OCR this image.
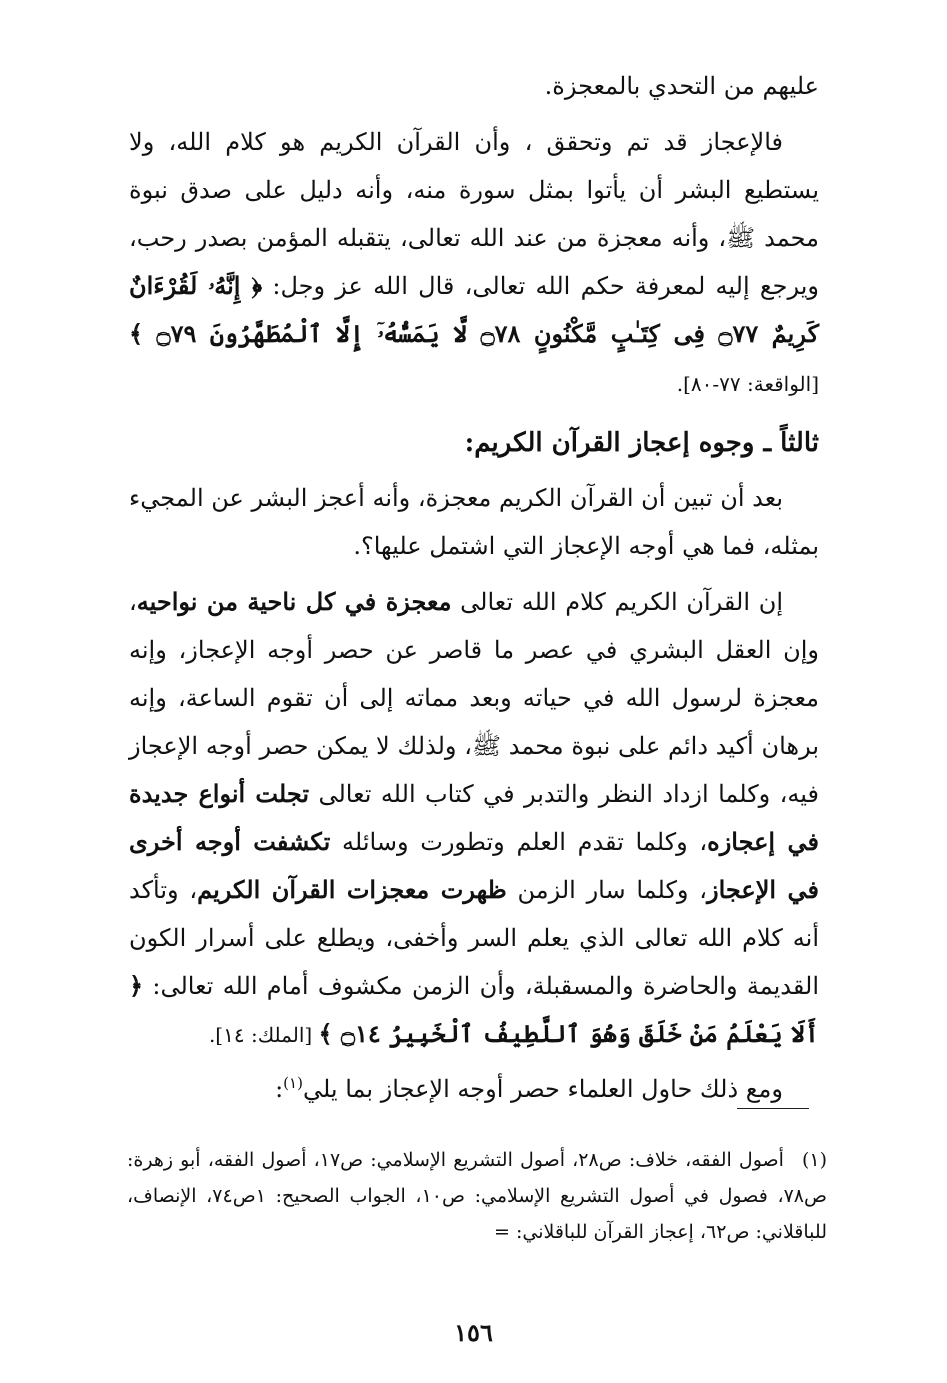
عليهم من التحدي بالمعجزة.

فالإعجاز قد تم وتحقق ، وأن القرآن الكريم هو كلام الله، ولا يستطيع البشر أن يأتوا بمثل سورة منه، وأنه دليل على صدق نبوة محمد ﷺ، وأنه معجزة من عند الله تعالى، يتقبله المؤمن بصدر رحب، ويرجع إليه لمعرفة حكم الله تعالى، قال الله عز وجل: ﴿ إِنَّهُۥ لَقُرْءَانٌ كَرِيمٌ ۝٧٧ فِى كِتَـٰبٍ مَّكْنُونٍ ۝٧٨ لَّا يَمَسُّهُۥٓ إِلَّا ٱلْمُطَهَّرُونَ ۝٧٩ ﴾ [الواقعة: ٧٧-٨٠].

ثالثاً ـ وجوه إعجاز القرآن الكريم:

بعد أن تبين أن القرآن الكريم معجزة، وأنه أعجز البشر عن المجيء بمثله، فما هي أوجه الإعجاز التي اشتمل عليها؟.

إن القرآن الكريم كلام الله تعالى معجزة في كل ناحية من نواحيه، وإن العقل البشري في عصر ما قاصر عن حصر أوجه الإعجاز، وإنه معجزة لرسول الله في حياته وبعد مماته إلى أن تقوم الساعة، وإنه برهان أكيد دائم على نبوة محمد ﷺ، ولذلك لا يمكن حصر أوجه الإعجاز فيه، وكلما ازداد النظر والتدبر في كتاب الله تعالى تجلت أنواع جديدة في إعجازه، وكلما تقدم العلم وتطورت وسائله تكشفت أوجه أخرى في الإعجاز، وكلما سار الزمن ظهرت معجزات القرآن الكريم، وتأكد أنه كلام الله تعالى الذي يعلم السر وأخفى، ويطلع على أسرار الكون القديمة والحاضرة والمسقبلة، وأن الزمن مكشوف أمام الله تعالى: ﴿ أَلَا يَعْلَمُ مَنْ خَلَقَ وَهُوَ ٱللَّطِيفُ ٱلْخَبِيرُ ۝١٤ ﴾ [الملك: ١٤].

ومع ذلك حاول العلماء حصر أوجه الإعجاز بما يلي$^{(١)}$:

(١)أصول الفقه، خلاف: ص٢٨، أصول التشريع الإسلامي: ص١٧، أصول الفقه، أبو زهرة: ص٧٨، فصول في أصول التشريع الإسلامي: ص١٠، الجواب الصحيح: ١ص٧٤، الإنصاف، للباقلاني: ص٦٢، إعجاز القرآن للباقلاني: =
١٥٦
